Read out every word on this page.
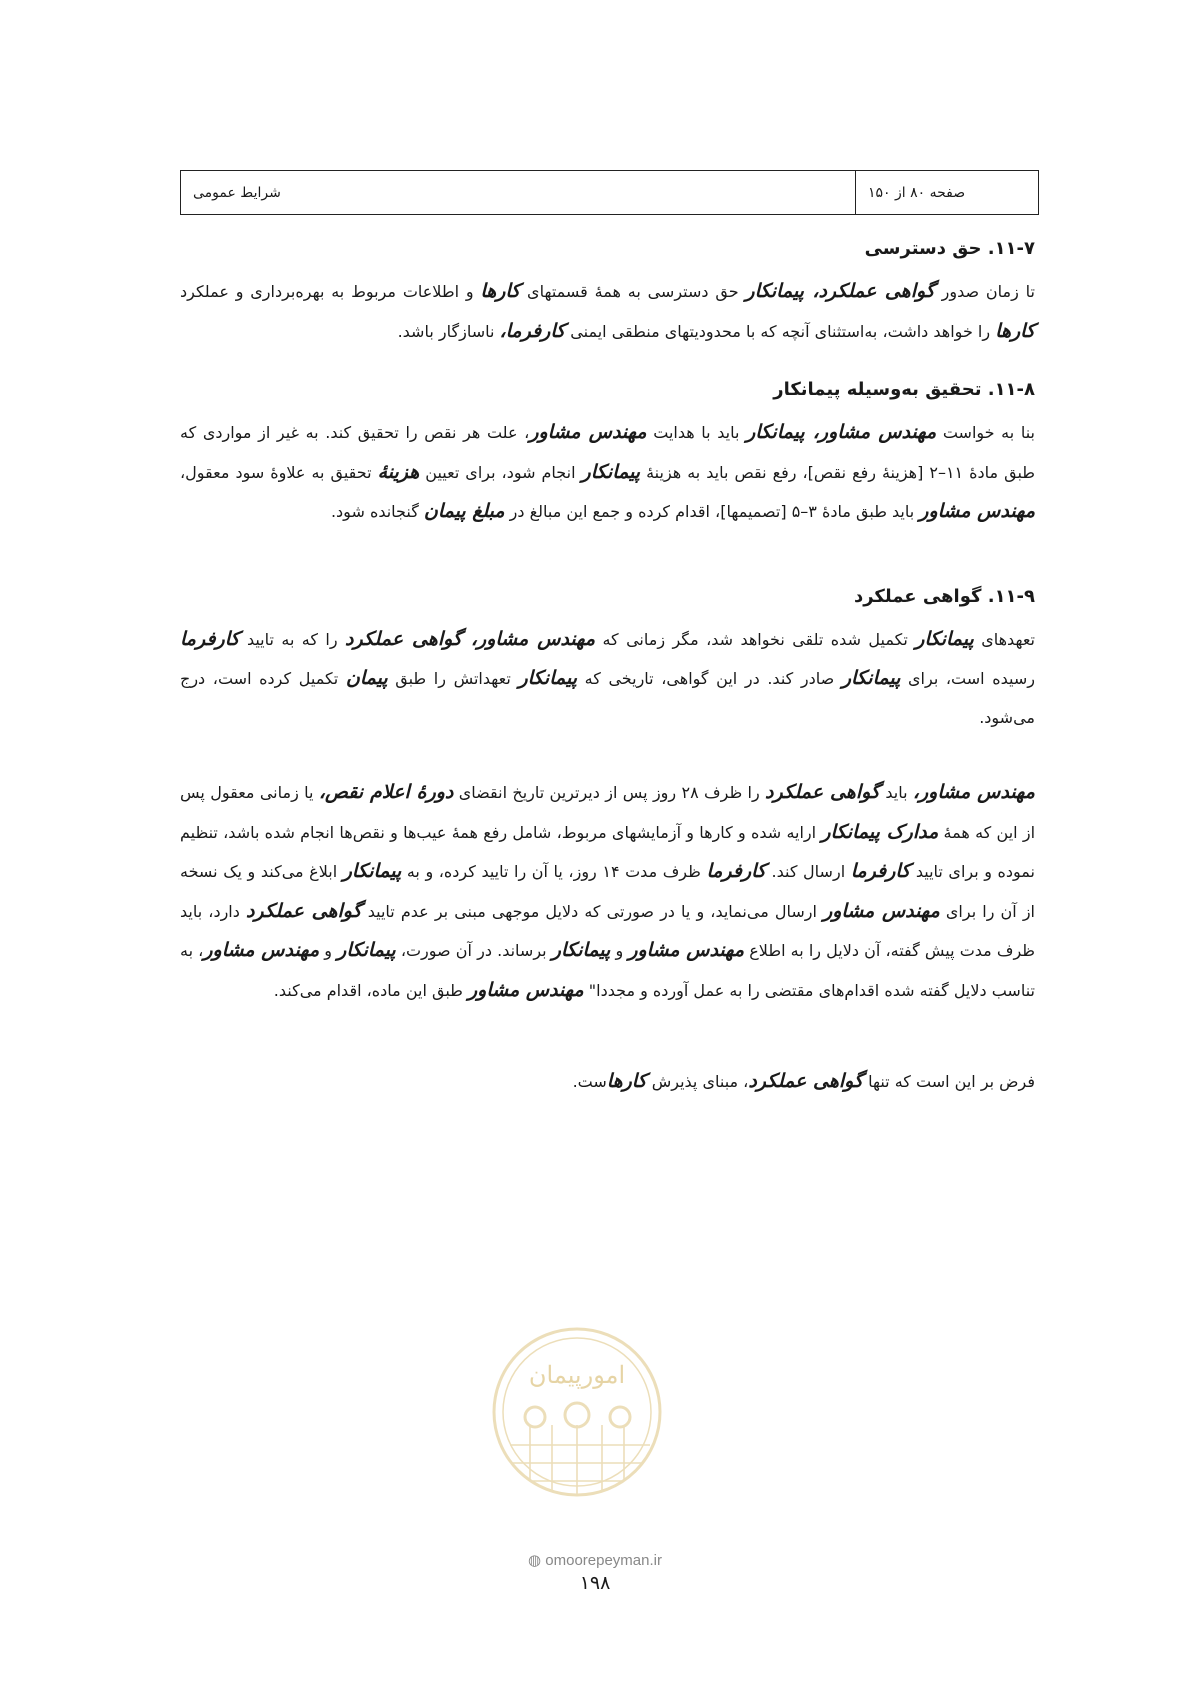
صفحه ۸۰ از ۱۵۰
شرایط عمومی
۱۱-۷. حق دسترسی

تا زمان صدور گواهی عملکرد، پیمانکار حق دسترسی به همهٔ قسمتهای کارها و اطلاعات مربوط به بهره‌برداری و عملکرد کارها را خواهد داشت، به‌استثنای آنچه که با محدودیتهای منطقی ایمنی کارفرما، ناسازگار باشد.

۱۱-۸. تحقیق به‌وسیله پیمانکار

بنا به خواست مهندس مشاور، پیمانکار باید با هدایت مهندس مشاور، علت هر نقص را تحقیق کند. به غیر از مواردی که طبق مادهٔ ۱۱–۲ [هزینهٔ رفع نقص]، رفع نقص باید به هزینهٔ پیمانکار انجام شود، برای تعیین هزینهٔ تحقیق به علاوهٔ سود معقول، مهندس مشاور باید طبق مادهٔ ۳–۵ [تصمیمها]، اقدام کرده و جمع این مبالغ در مبلغ پیمان گنجانده شود.

۱۱-۹. گواهی عملکرد

تعهدهای پیمانکار تکمیل شده تلقی نخواهد شد، مگر زمانی که مهندس مشاور، گواهی عملکرد را که به تایید کارفرما رسیده است، برای پیمانکار صادر کند. در این گواهی، تاریخی که پیمانکار تعهداتش را طبق پیمان تکمیل کرده است، درج می‌شود.

مهندس مشاور، باید گواهی عملکرد را ظرف ۲۸ روز پس از دیرترین تاریخ انقضای دورهٔ اعلام نقص، یا زمانی معقول پس از این که همهٔ مدارک پیمانکار ارایه شده و کارها و آزمایشهای مربوط، شامل رفع همهٔ عیب‌ها و نقص‌ها انجام شده باشد، تنظیم نموده و برای تایید کارفرما ارسال کند. کارفرما ظرف مدت ۱۴ روز، یا آن را تایید کرده، و به پیمانکار ابلاغ می‌کند و یک نسخه از آن را برای مهندس مشاور ارسال می‌نماید، و یا در صورتی که دلایل موجهی مبنی بر عدم تایید گواهی عملکرد دارد، باید ظرف مدت پیش گفته، آن دلایل را به اطلاع مهندس مشاور و پیمانکار برساند. در آن صورت، پیمانکار و مهندس مشاور، به تناسب دلایل گفته شده اقدام‌های مقتضی را به عمل آورده و مجددا" مهندس مشاور طبق این ماده، اقدام می‌کند.

فرض بر این است که تنها گواهی عملکرد، مبنای پذیرش کارهاست.

امورپیمان
◍ omoorepeyman.ir
۱۹۸
